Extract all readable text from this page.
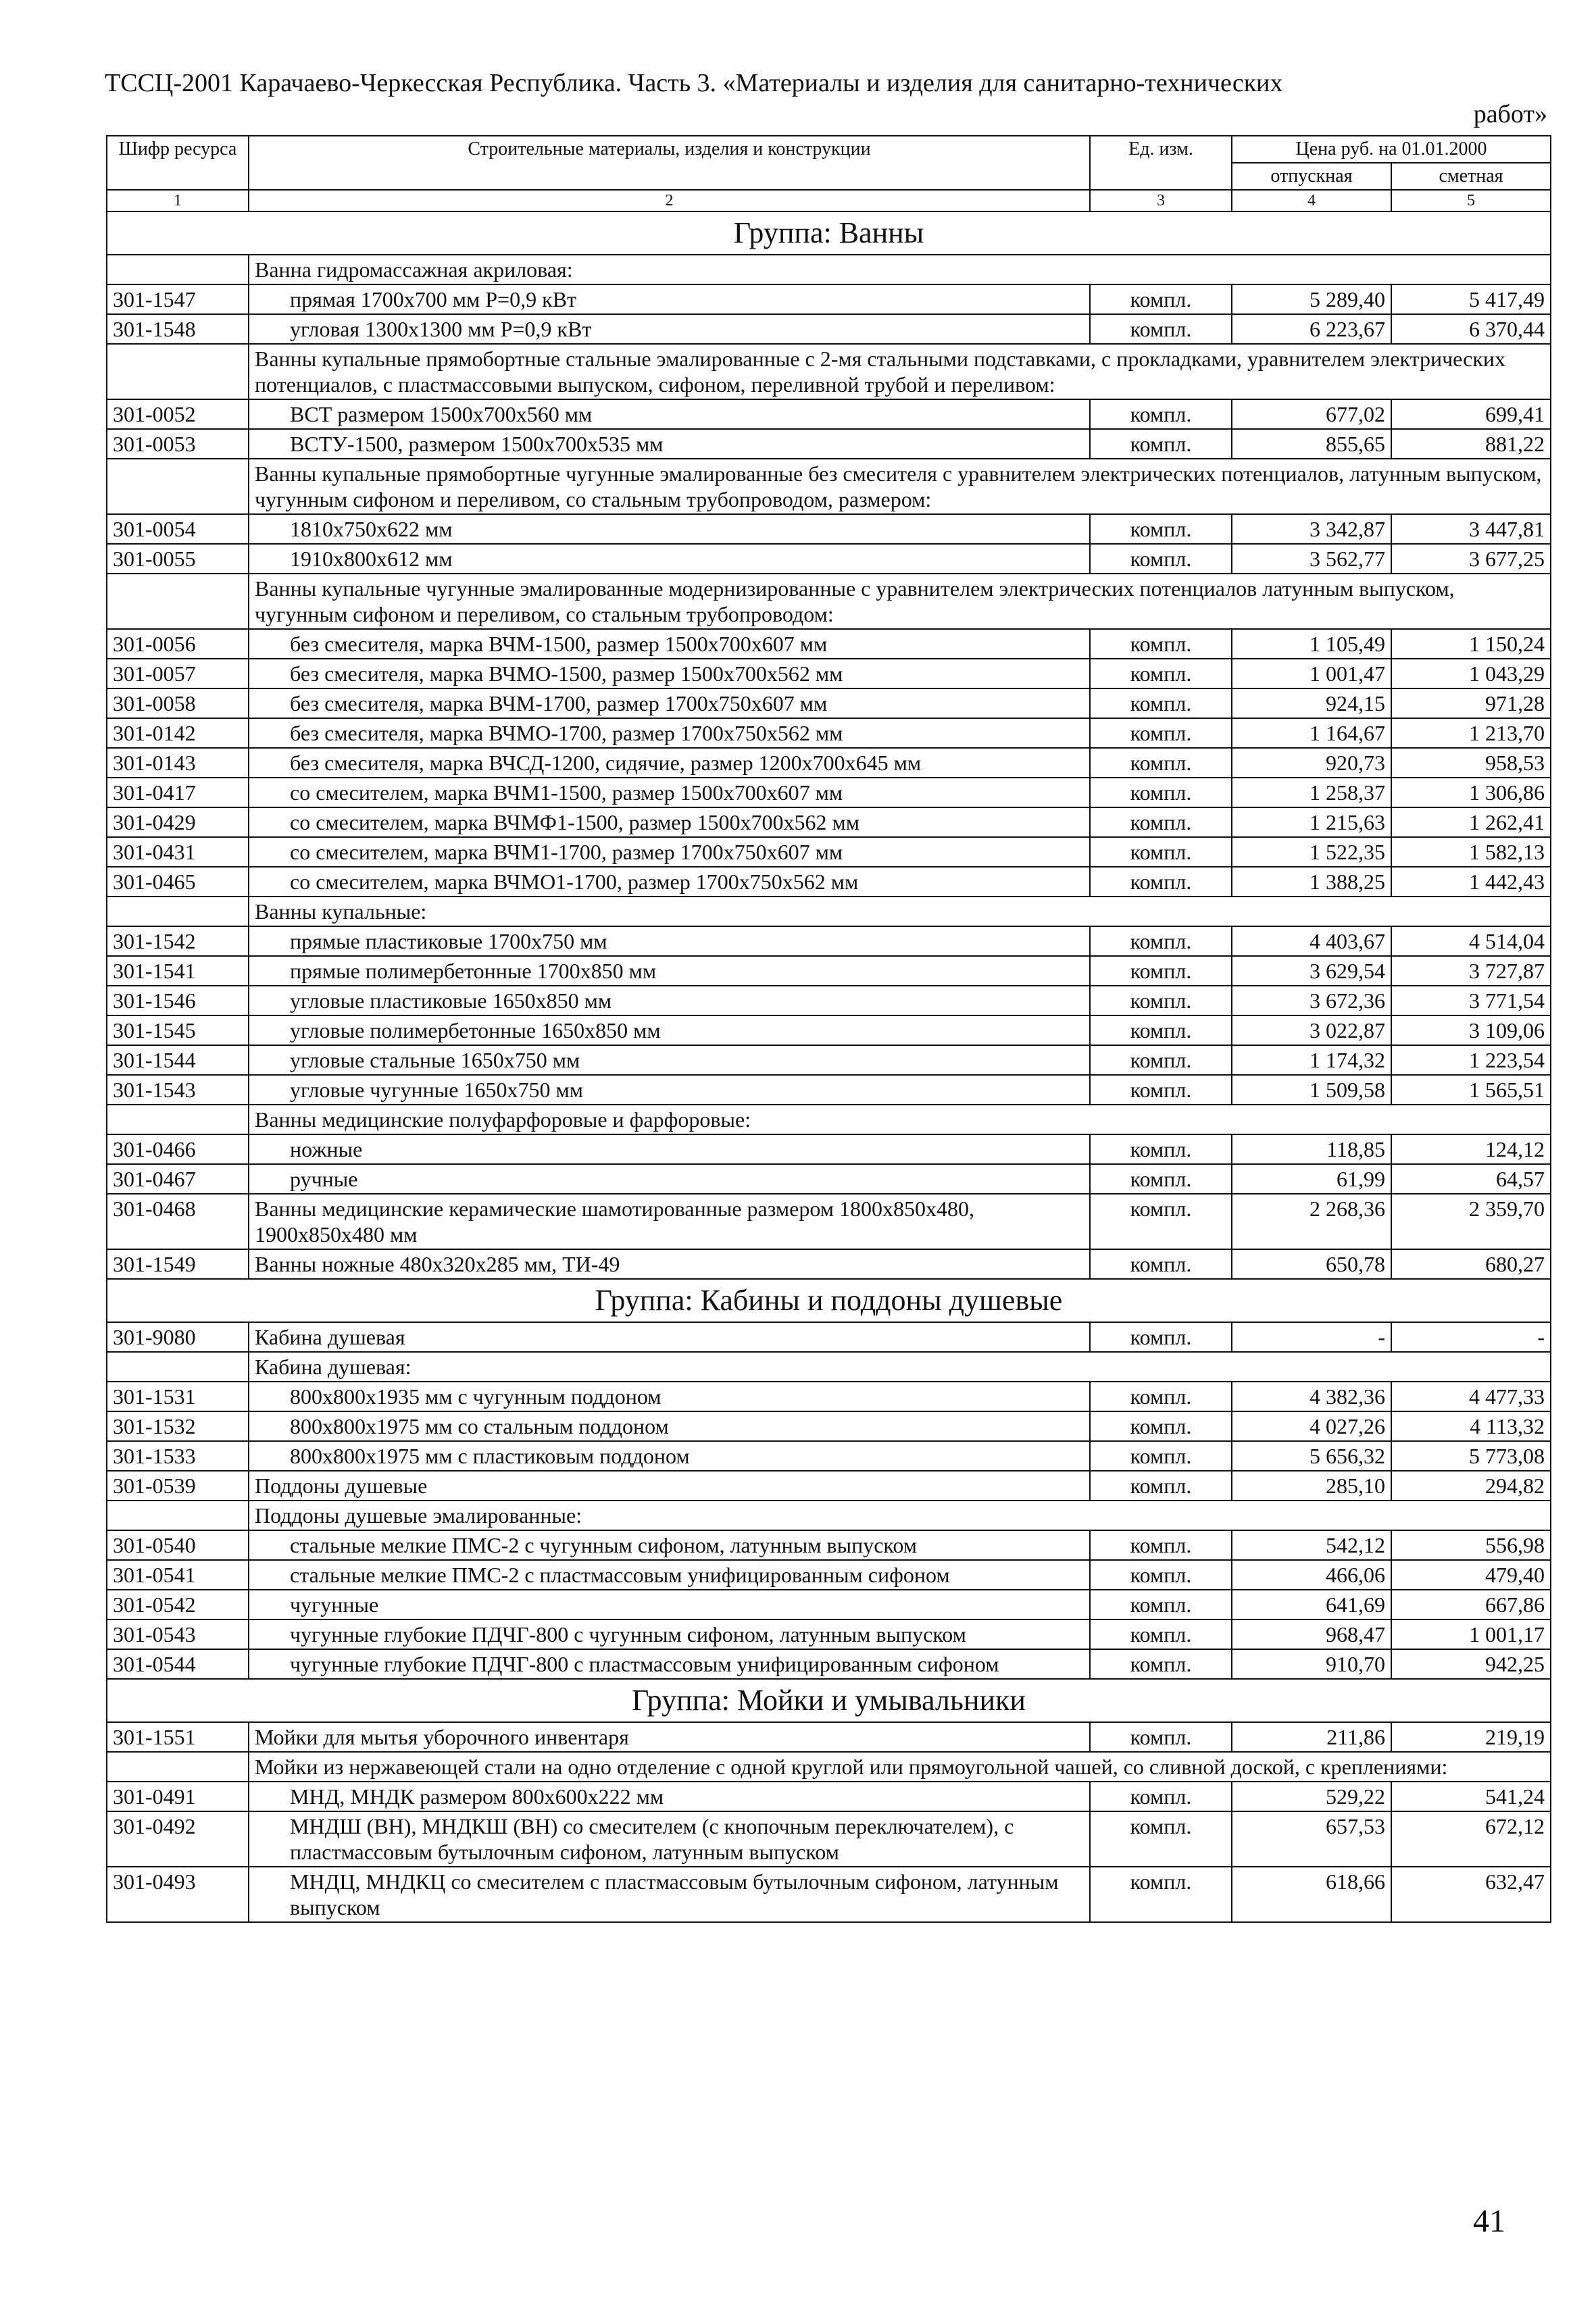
ТССЦ-2001 Карачаево-Черкесская Республика. Часть 3. «Материалы и изделия для санитарно-технических
работ»
Шифр ресурса	Строительные материалы, изделия и конструкции	Ед. изм.	Цена руб. на 01.01.2000	
			отпускная	сметная
1	2	3	4	5
Группа: Ванны				
	Ванна гидромассажная акриловая:			
301-1547	прямая 1700х700 мм Р=0,9 кВт	компл.	5 289,40	5 417,49
301-1548	угловая 1300х1300 мм Р=0,9 кВт	компл.	6 223,67	6 370,44
	Ванны купальные прямобортные стальные эмалированные с 2-мя стальными подставками, с прокладками, уравнителем электрических потенциалов, с пластмассовыми выпуском, сифоном, переливной трубой и переливом:			
301-0052	ВСТ размером 1500х700х560 мм	компл.	677,02	699,41
301-0053	ВСТУ-1500, размером 1500х700х535 мм	компл.	855,65	881,22
	Ванны купальные прямобортные чугунные эмалированные без смесителя с уравнителем электрических потенциалов, латунным выпуском, чугунным сифоном и переливом, со стальным трубопроводом, размером:			
301-0054	1810х750х622 мм	компл.	3 342,87	3 447,81
301-0055	1910х800х612 мм	компл.	3 562,77	3 677,25
	Ванны купальные чугунные эмалированные модернизированные с уравнителем электрических потенциалов латунным выпуском, чугунным сифоном и переливом, со стальным трубопроводом:			
301-0056	без смесителя, марка ВЧМ-1500, размер 1500х700х607 мм	компл.	1 105,49	1 150,24
301-0057	без смесителя, марка ВЧМО-1500, размер 1500х700х562 мм	компл.	1 001,47	1 043,29
301-0058	без смесителя, марка ВЧМ-1700, размер 1700х750х607 мм	компл.	924,15	971,28
301-0142	без смесителя, марка ВЧМО-1700, размер 1700х750х562 мм	компл.	1 164,67	1 213,70
301-0143	без смесителя, марка ВЧСД-1200, сидячие, размер 1200х700х645 мм	компл.	920,73	958,53
301-0417	со смесителем, марка ВЧМ1-1500, размер 1500х700х607 мм	компл.	1 258,37	1 306,86
301-0429	со смесителем, марка ВЧМФ1-1500, размер 1500х700х562 мм	компл.	1 215,63	1 262,41
301-0431	со смесителем, марка ВЧМ1-1700, размер 1700х750х607 мм	компл.	1 522,35	1 582,13
301-0465	со смесителем, марка ВЧМО1-1700, размер 1700х750х562 мм	компл.	1 388,25	1 442,43
	Ванны купальные:			
301-1542	прямые пластиковые 1700х750 мм	компл.	4 403,67	4 514,04
301-1541	прямые полимербетонные 1700х850 мм	компл.	3 629,54	3 727,87
301-1546	угловые пластиковые 1650х850 мм	компл.	3 672,36	3 771,54
301-1545	угловые полимербетонные 1650х850 мм	компл.	3 022,87	3 109,06
301-1544	угловые стальные 1650х750 мм	компл.	1 174,32	1 223,54
301-1543	угловые чугунные 1650х750 мм	компл.	1 509,58	1 565,51
	Ванны медицинские полуфарфоровые и фарфоровые:			
301-0466	ножные	компл.	118,85	124,12
301-0467	ручные	компл.	61,99	64,57
301-0468	Ванны медицинские керамические шамотированные размером 1800х850х480, 1900х850х480 мм	компл.	2 268,36	2 359,70
301-1549	Ванны ножные 480х320х285 мм, ТИ-49	компл.	650,78	680,27
Группа: Кабины и поддоны душевые				
301-9080	Кабина душевая	компл.	-	-
	Кабина душевая:			
301-1531	800х800х1935 мм с чугунным поддоном	компл.	4 382,36	4 477,33
301-1532	800х800х1975 мм со стальным поддоном	компл.	4 027,26	4 113,32
301-1533	800х800х1975 мм с пластиковым поддоном	компл.	5 656,32	5 773,08
301-0539	Поддоны душевые	компл.	285,10	294,82
	Поддоны душевые эмалированные:			
301-0540	стальные мелкие ПМС-2 с чугунным сифоном, латунным выпуском	компл.	542,12	556,98
301-0541	стальные мелкие ПМС-2 с пластмассовым унифицированным сифоном	компл.	466,06	479,40
301-0542	чугунные	компл.	641,69	667,86
301-0543	чугунные глубокие ПДЧГ-800 с чугунным сифоном, латунным выпуском	компл.	968,47	1 001,17
301-0544	чугунные глубокие ПДЧГ-800 с пластмассовым унифицированным сифоном	компл.	910,70	942,25
Группа: Мойки и умывальники				
301-1551	Мойки для мытья уборочного инвентаря	компл.	211,86	219,19
	Мойки из нержавеющей стали на одно отделение с одной круглой или прямоугольной чашей, со сливной доской, с креплениями:			
301-0491	МНД, МНДК размером 800х600х222 мм	компл.	529,22	541,24
301-0492	МНДШ (ВН), МНДКШ (ВН) со смесителем (с кнопочным переключателем), с пластмассовым бутылочным сифоном, латунным выпуском	компл.	657,53	672,12
301-0493	МНДЦ, МНДКЦ со смесителем с пластмассовым бутылочным сифоном, латунным выпуском	компл.	618,66	632,47
41
